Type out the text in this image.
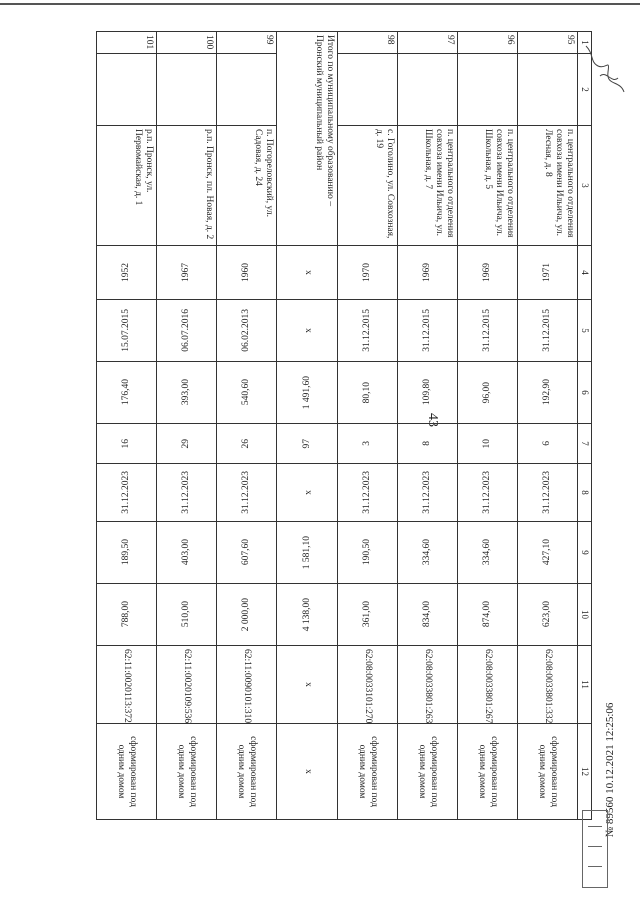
43
1	2	3	4	5	6	7	8	9	10	11	12
95		п. центрального отделения совхоза имени Ильича, ул. Лесная, д. 8	1971	31.12.2015	192,90	6	31.12.2023	427,10	623,00	62:08:0033801:332	сформирован под одним домом
96		п. центрального отделения совхоза имени Ильича, ул. Школьная, д. 5	1969	31.12.2015	96,00	10	31.12.2023	334,60	874,00	62:08:0033801:267	сформирован под одним домом
97		п. центрального отделения совхоза имени Ильича, ул. Школьная, д. 7	1969	31.12.2015	109,80	8	31.12.2023	334,60	834,00	62:08:0033801:263	сформирован под одним домом
98		с. Гоголино, ул. Совхозная, д. 19	1970	31.12.2015	80,10	3	31.12.2023	190,50	361,00	62:08:0033101:270	сформирован под одним домом
Итого по муниципальному образованию – Пронский муниципальный район			x	x	1 491,60	97	x	1 581,10	4 138,00	x	x
99		п. Погореловский, ул. Садовая, д. 24	1960	06.02.2013	540,60	26	31.12.2023	607,60	2 000,00	62:11:0090101:310	сформирован под одним домом
100		р.п. Пронск, пл. Новая, д. 2	1967	06.07.2016	393,00	29	31.12.2023	403,00	510,00	62:11:0020109:536	сформирован под одним домом
101		р.п. Пронск, ул. Первомайская, д. 1	1952	15.07.2015	176,40	16	31.12.2023	189,50	788,00	62:11:0020113:372	сформирован под одним домом	№ 89560 10.12.2021 12:25:06
